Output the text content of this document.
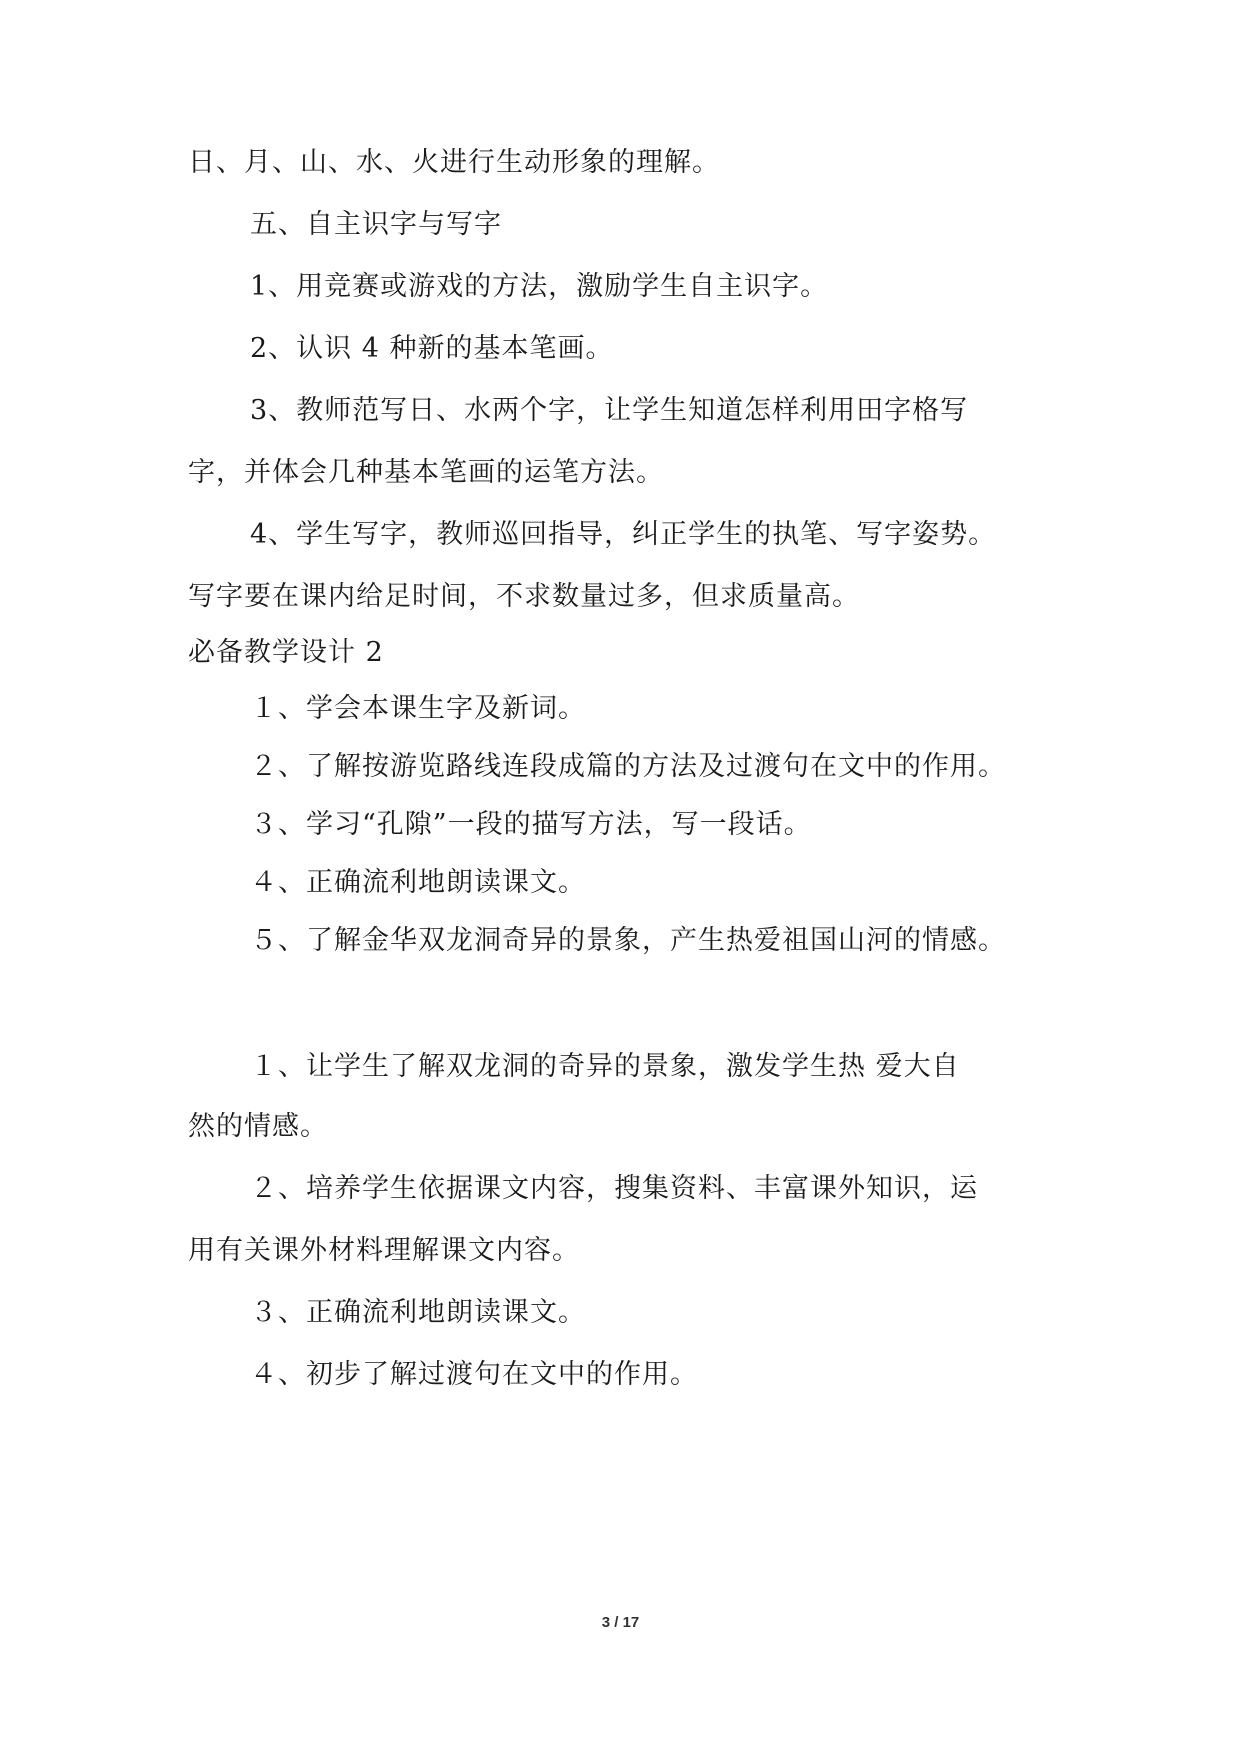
日、月、山、水、火进行生动形象的理解。
五、自主识字与写字
1、用竞赛或游戏的方法，激励学生自主识字。
2、认识 4 种新的基本笔画。
3、教师范写日、水两个字，让学生知道怎样利用田字格写
字，并体会几种基本笔画的运笔方法。
4、学生写字，教师巡回指导，纠正学生的执笔、写字姿势。
写字要在课内给足时间，不求数量过多，但求质量高。
必备教学设计 2
１、学会本课生字及新词。
２、了解按游览路线连段成篇的方法及过渡句在文中的作用。
３、学习“孔隙”一段的描写方法，写一段话。
４、正确流利地朗读课文。
５、了解金华双龙洞奇异的景象，产生热爱祖国山河的情感。
１、让学生了解双龙洞的奇异的景象，激发学生热 爱大自
然的情感。
２、培养学生依据课文内容，搜集资料、丰富课外知识，运
用有关课外材料理解课文内容。
３、正确流利地朗读课文。
４、初步了解过渡句在文中的作用。
3 / 17
